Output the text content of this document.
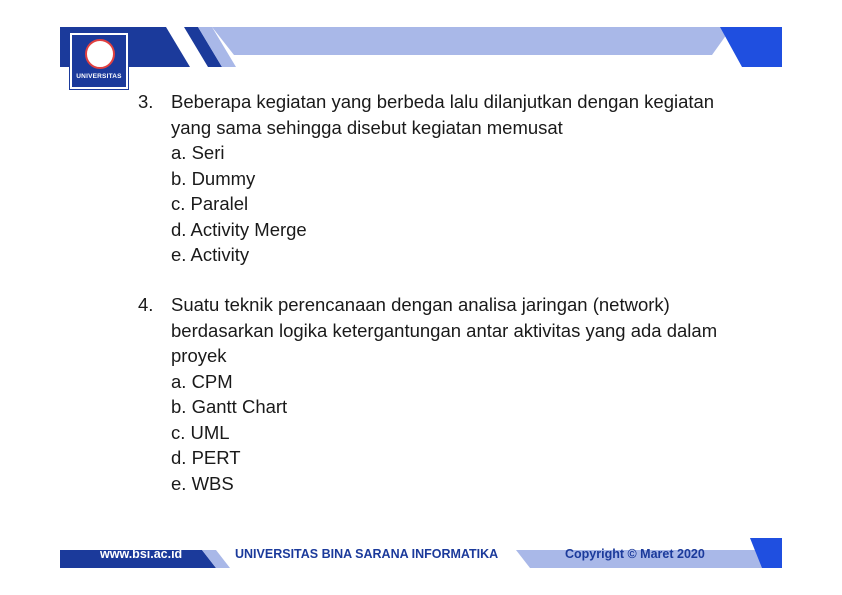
UNIVERSITAS
3. Beberapa kegiatan yang berbeda lalu dilanjutkan dengan kegiatan yang sama sehingga disebut kegiatan memusat
a. Seri
b. Dummy
c. Paralel
d. Activity Merge
e. Activity
4. Suatu teknik perencanaan dengan analisa jaringan (network) berdasarkan logika ketergantungan antar aktivitas yang ada dalam proyek
a. CPM
b. Gantt Chart
c. UML
d. PERT
e. WBS
www.bsi.ac.id	UNIVERSITAS BINA SARANA INFORMATIKA	Copyright © Maret 2020
